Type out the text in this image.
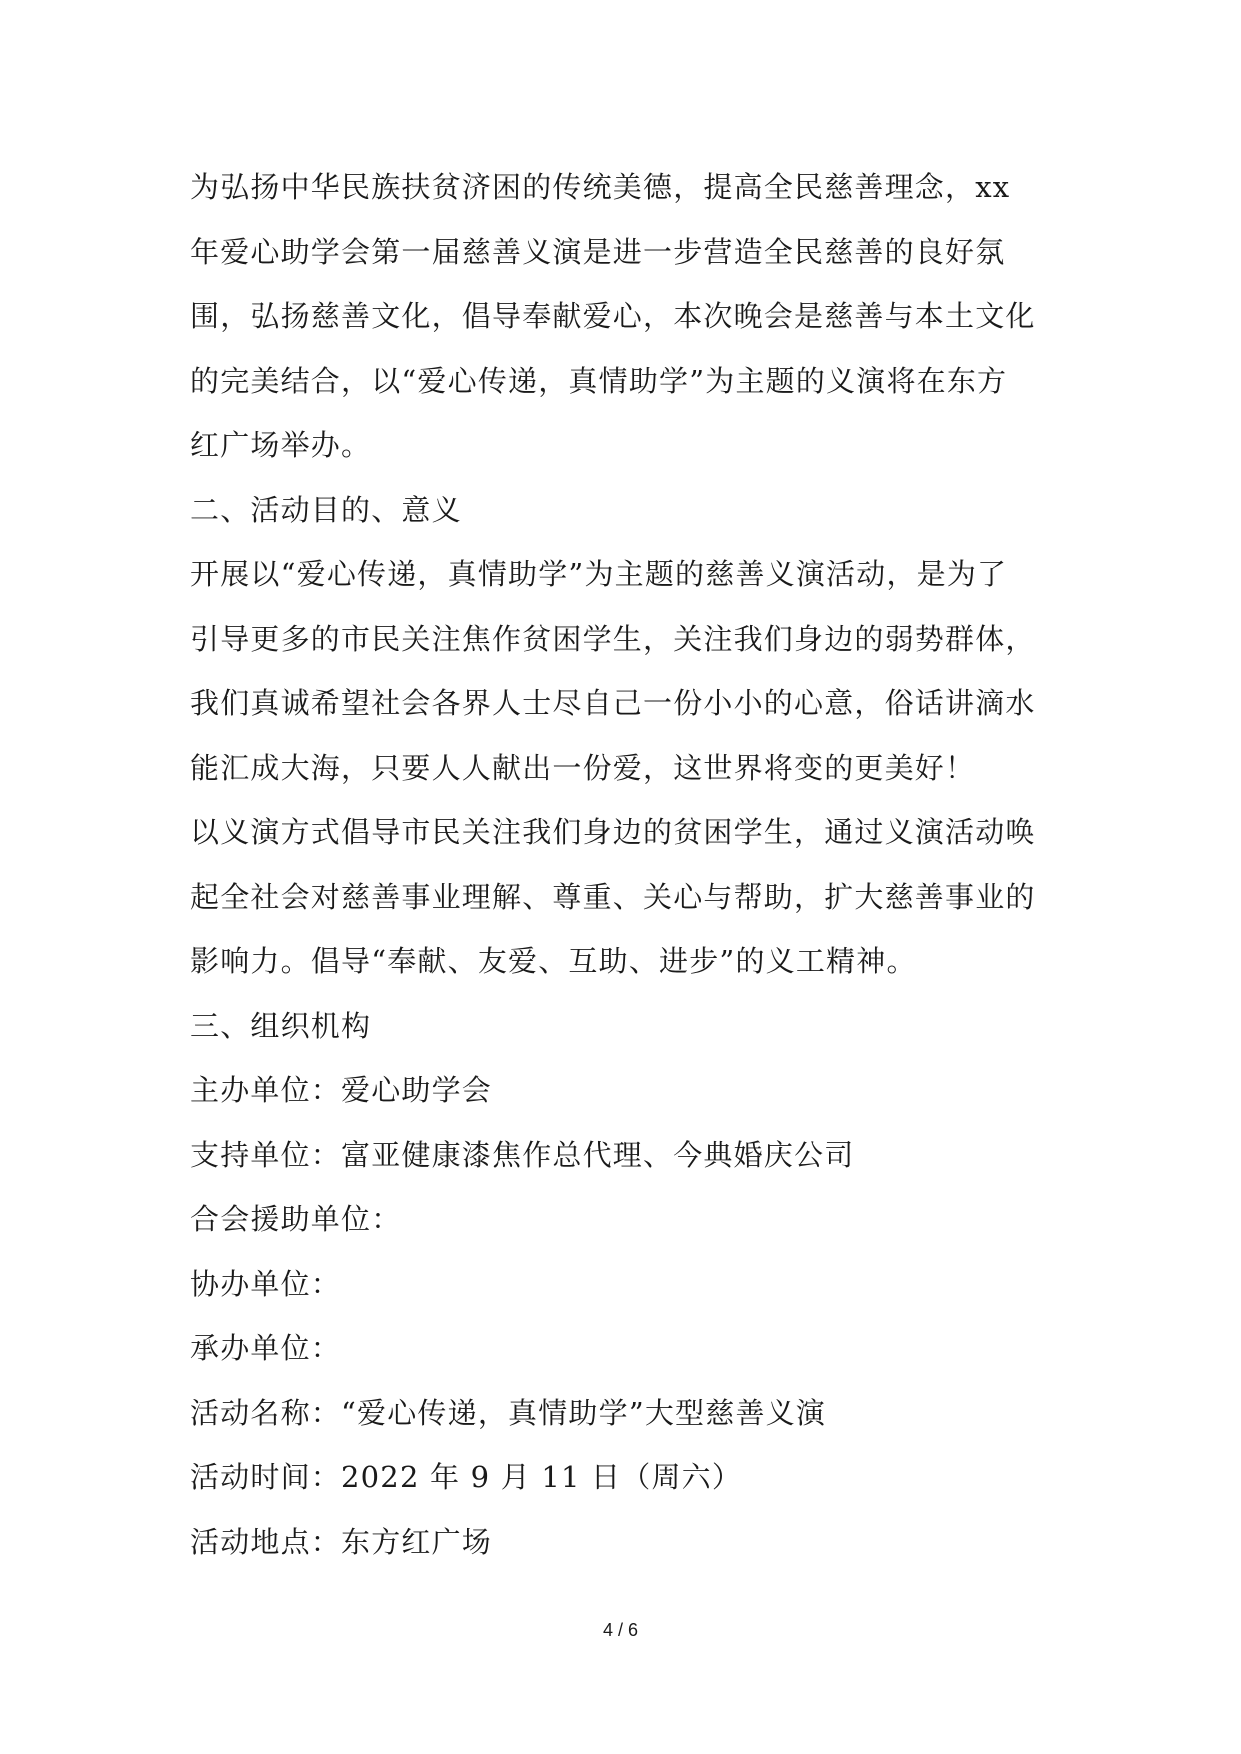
为弘扬中华民族扶贫济困的传统美德，提高全民慈善理念，xx
年爱心助学会第一届慈善义演是进一步营造全民慈善的良好氛
围，弘扬慈善文化，倡导奉献爱心，本次晚会是慈善与本土文化
的完美结合，以“爱心传递，真情助学”为主题的义演将在东方
红广场举办。
二、活动目的、意义
开展以“爱心传递，真情助学”为主题的慈善义演活动，是为了
引导更多的市民关注焦作贫困学生，关注我们身边的弱势群体，
我们真诚希望社会各界人士尽自己一份小小的心意，俗话讲滴水
能汇成大海，只要人人献出一份爱，这世界将变的更美好！
以义演方式倡导市民关注我们身边的贫困学生，通过义演活动唤
起全社会对慈善事业理解、尊重、关心与帮助，扩大慈善事业的
影响力。倡导“奉献、友爱、互助、进步”的义工精神。
三、组织机构
主办单位：爱心助学会
支持单位：富亚健康漆焦作总代理、今典婚庆公司
合会援助单位：
协办单位：
承办单位：
活动名称：“爱心传递，真情助学”大型慈善义演
活动时间：2022 年 9 月 11 日（周六）
活动地点：东方红广场
4 / 6
